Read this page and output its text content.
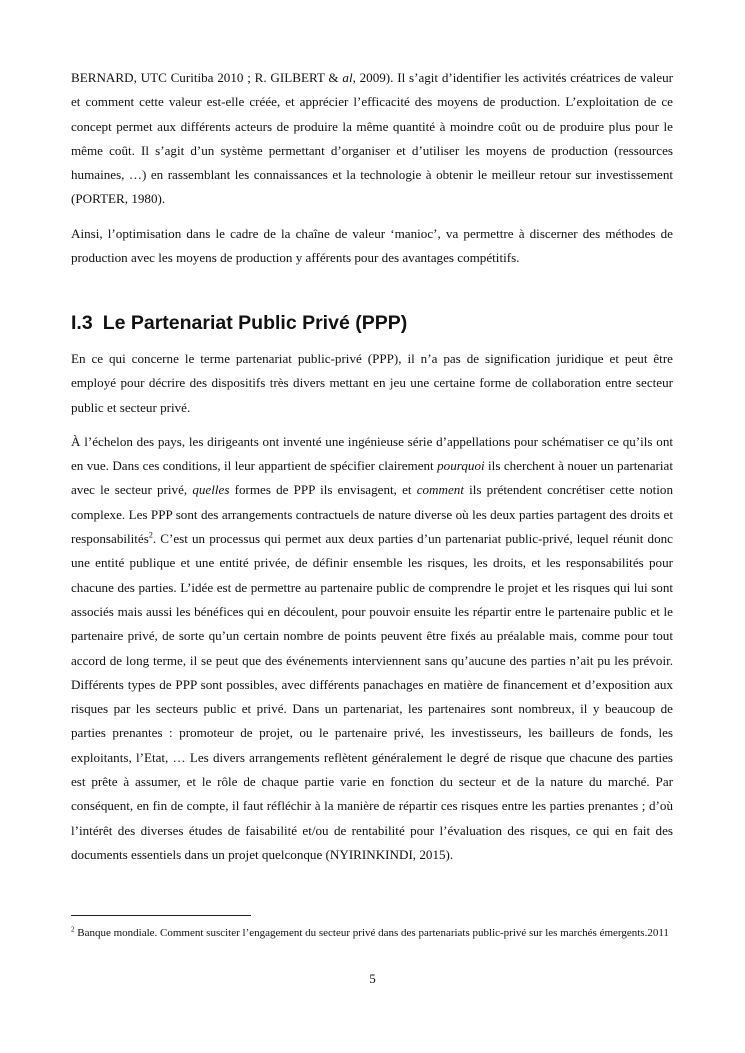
BERNARD, UTC Curitiba 2010 ; R. GILBERT & al, 2009). Il s’agit d’identifier les activités créatrices de valeur et comment cette valeur est-elle créée, et apprécier l’efficacité des moyens de production. L’exploitation de ce concept permet aux différents acteurs de produire la même quantité à moindre coût ou de produire plus pour le même coût. Il s’agit d’un système permettant d’organiser et d’utiliser les moyens de production (ressources humaines, …) en rassemblant les connaissances et la technologie à obtenir le meilleur retour sur investissement (PORTER, 1980).

Ainsi, l’optimisation dans le cadre de la chaîne de valeur ‘manioc’, va permettre à discerner des méthodes de production avec les moyens de production y afférents pour des avantages compétitifs.

I.3 Le Partenariat Public Privé (PPP)

En ce qui concerne le terme partenariat public-privé (PPP), il n’a pas de signification juridique et peut être employé pour décrire des dispositifs très divers mettant en jeu une certaine forme de collaboration entre secteur public et secteur privé.

À l’échelon des pays, les dirigeants ont inventé une ingénieuse série d’appellations pour schématiser ce qu’ils ont en vue. Dans ces conditions, il leur appartient de spécifier clairement pourquoi ils cherchent à nouer un partenariat avec le secteur privé, quelles formes de PPP ils envisagent, et comment ils prétendent concrétiser cette notion complexe. Les PPP sont des arrangements contractuels de nature diverse où les deux parties partagent des droits et responsabilités$^2$. C’est un processus qui permet aux deux parties d’un partenariat public-privé, lequel réunit donc une entité publique et une entité privée, de définir ensemble les risques, les droits, et les responsabilités pour chacune des parties. L’idée est de permettre au partenaire public de comprendre le projet et les risques qui lui sont associés mais aussi les bénéfices qui en découlent, pour pouvoir ensuite les répartir entre le partenaire public et le partenaire privé, de sorte qu’un certain nombre de points peuvent être fixés au préalable mais, comme pour tout accord de long terme, il se peut que des événements interviennent sans qu’aucune des parties n’ait pu les prévoir. Différents types de PPP sont possibles, avec différents panachages en matière de financement et d’exposition aux risques par les secteurs public et privé. Dans un partenariat, les partenaires sont nombreux, il y beaucoup de parties prenantes : promoteur de projet, ou le partenaire privé, les investisseurs, les bailleurs de fonds, les exploitants, l’Etat, … Les divers arrangements reflètent généralement le degré de risque que chacune des parties est prête à assumer, et le rôle de chaque partie varie en fonction du secteur et de la nature du marché. Par conséquent, en fin de compte, il faut réfléchir à la manière de répartir ces risques entre les parties prenantes ; d’où l’intérêt des diverses études de faisabilité et/ou de rentabilité pour l’évaluation des risques, ce qui en fait des documents essentiels dans un projet quelconque (NYIRINKINDI, 2015).

$^2$ Banque mondiale. Comment susciter l’engagement du secteur privé dans des partenariats public-privé sur les marchés émergents.2011
5
